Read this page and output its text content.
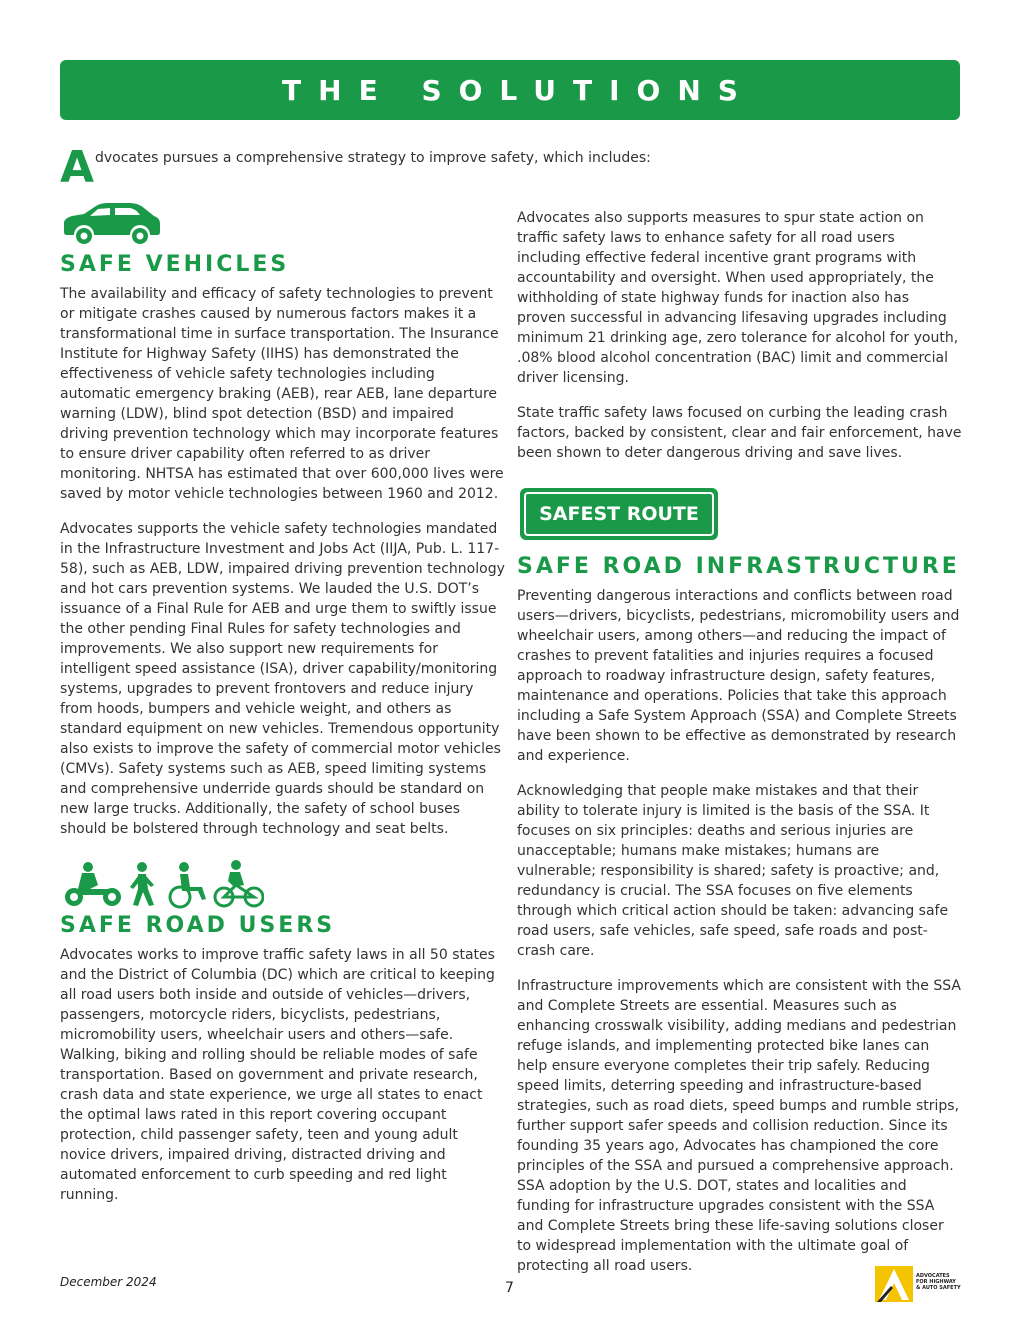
THE SOLUTIONS
A dvocates pursues a comprehensive strategy to improve safety, which includes:
SAFE VEHICLES

The availability and efficacy of safety technologies to prevent or mitigate crashes caused by numerous factors makes it a transformational time in surface transportation. The Insurance Institute for Highway Safety (IIHS) has demonstrated the effectiveness of vehicle safety technologies including automatic emergency braking (AEB), rear AEB, lane departure warning (LDW), blind spot detection (BSD) and impaired driving prevention technology which may incorporate features to ensure driver capability often referred to as driver monitoring. NHTSA has estimated that over 600,000 lives were saved by motor vehicle technologies between 1960 and 2012.

Advocates supports the vehicle safety technologies mandated in the Infrastructure Investment and Jobs Act (IIJA, Pub. L. 117-58), such as AEB, LDW, impaired driving prevention technology and hot cars prevention systems. We lauded the U.S. DOT’s issuance of a Final Rule for AEB and urge them to swiftly issue the other pending Final Rules for safety technologies and improvements. We also support new requirements for intelligent speed assistance (ISA), driver capability/monitoring systems, upgrades to prevent frontovers and reduce injury from hoods, bumpers and vehicle weight, and others as standard equipment on new vehicles. Tremendous opportunity also exists to improve the safety of commercial motor vehicles (CMVs). Safety systems such as AEB, speed limiting systems and comprehensive underride guards should be standard on new large trucks. Additionally, the safety of school buses should be bolstered through technology and seat belts.

SAFE ROAD USERS

Advocates works to improve traffic safety laws in all 50 states and the District of Columbia (DC) which are critical to keeping all road users both inside and outside of vehicles—drivers, passengers, motorcycle riders, bicyclists, pedestrians, micromobility users, wheelchair users and others—safe. Walking, biking and rolling should be reliable modes of safe transportation. Based on government and private research, crash data and state experience, we urge all states to enact the optimal laws rated in this report covering occupant protection, child passenger safety, teen and young adult novice drivers, impaired driving, distracted driving and automated enforcement to curb speeding and red light running.

Advocates also supports measures to spur state action on traffic safety laws to enhance safety for all road users including effective federal incentive grant programs with accountability and oversight. When used appropriately, the withholding of state highway funds for inaction also has proven successful in advancing lifesaving upgrades including minimum 21 drinking age, zero tolerance for alcohol for youth, .08% blood alcohol concentration (BAC) limit and commercial driver licensing.

State traffic safety laws focused on curbing the leading crash factors, backed by consistent, clear and fair enforcement, have been shown to deter dangerous driving and save lives.

SAFEST ROUTE
SAFE ROAD INFRASTRUCTURE

Preventing dangerous interactions and conflicts between road users—drivers, bicyclists, pedestrians, micromobility users and wheelchair users, among others—and reducing the impact of crashes to prevent fatalities and injuries requires a focused approach to roadway infrastructure design, safety features, maintenance and operations. Policies that take this approach including a Safe System Approach (SSA) and Complete Streets have been shown to be effective as demonstrated by research and experience.

Acknowledging that people make mistakes and that their ability to tolerate injury is limited is the basis of the SSA. It focuses on six principles: deaths and serious injuries are unacceptable; humans make mistakes; humans are vulnerable; responsibility is shared; safety is proactive; and, redundancy is crucial. The SSA focuses on five elements through which critical action should be taken: advancing safe road users, safe vehicles, safe speed, safe roads and post-crash care.

Infrastructure improvements which are consistent with the SSA and Complete Streets are essential. Measures such as enhancing crosswalk visibility, adding medians and pedestrian refuge islands, and implementing protected bike lanes can help ensure everyone completes their trip safely. Reducing speed limits, deterring speeding and infrastructure-based strategies, such as road diets, speed bumps and rumble strips, further support safer speeds and collision reduction. Since its founding 35 years ago, Advocates has championed the core principles of the SSA and pursued a comprehensive approach. SSA adoption by the U.S. DOT, states and localities and funding for infrastructure upgrades consistent with the SSA and Complete Streets bring these life-saving solutions closer to widespread implementation with the ultimate goal of protecting all road users.

December 2024	7
ADVOCATES
FOR HIGHWAY
& AUTO SAFETY
